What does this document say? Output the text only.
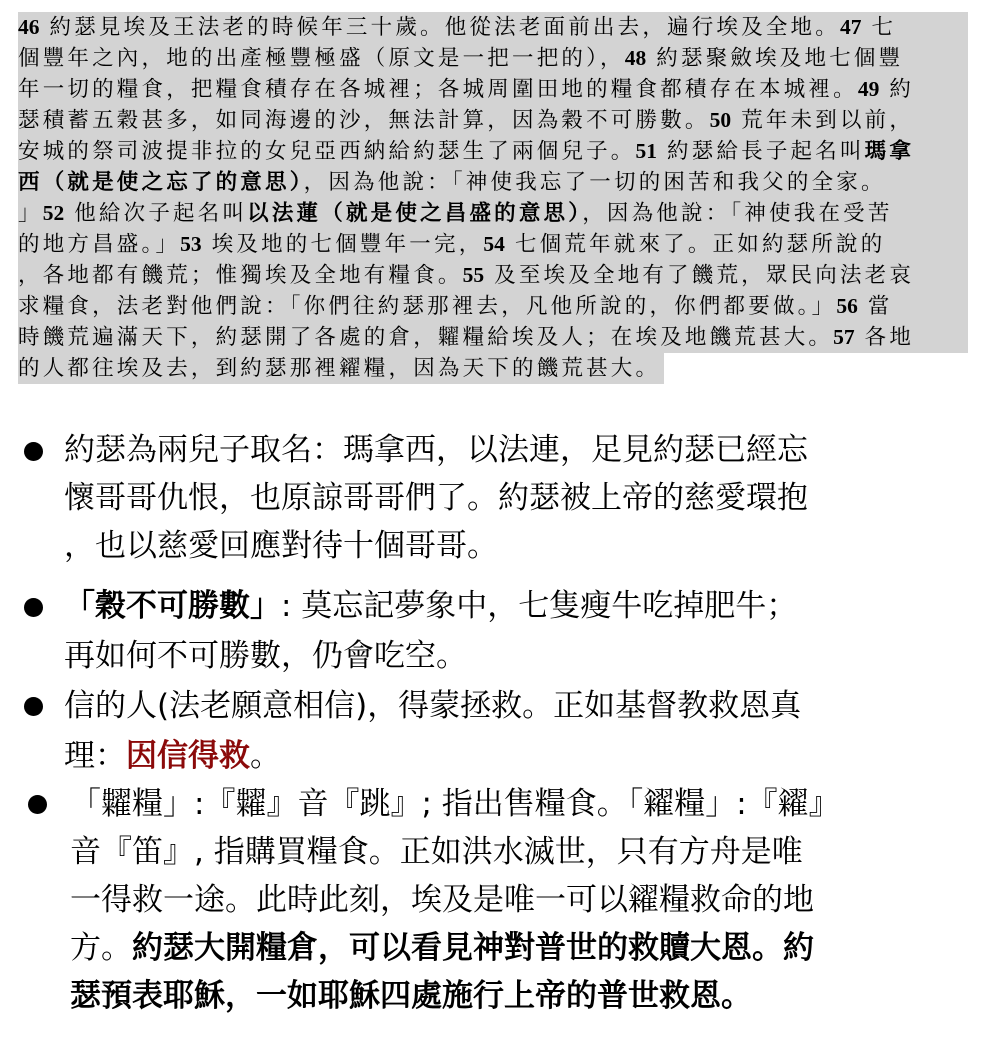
46 約瑟見埃及王法老的時候年三十歲。他從法老面前出去，遍行埃及全地。47 七
個豐年之內，地的出產極豐極盛（原文是一把一把的），48 約瑟聚斂埃及地七個豐
年一切的糧食，把糧食積存在各城裡；各城周圍田地的糧食都積存在本城裡。49 約
瑟積蓄五穀甚多，如同海邊的沙，無法計算，因為穀不可勝數。50 荒年未到以前，
安城的祭司波提非拉的女兒亞西納給約瑟生了兩個兒子。51 約瑟給長子起名叫瑪拿
西（就是使之忘了的意思），因為他說：「神使我忘了一切的困苦和我父的全家。
」52 他給次子起名叫以法蓮（就是使之昌盛的意思），因為他說：「神使我在受苦
的地方昌盛。」53 埃及地的七個豐年一完，54 七個荒年就來了。正如約瑟所說的
，各地都有饑荒；惟獨埃及全地有糧食。55 及至埃及全地有了饑荒，眾民向法老哀
求糧食，法老對他們說：「你們往約瑟那裡去，凡他所說的，你們都要做。」56 當
時饑荒遍滿天下，約瑟開了各處的倉，糶糧給埃及人；在埃及地饑荒甚大。57 各地
的人都往埃及去，到約瑟那裡糴糧，因為天下的饑荒甚大。
約瑟為兩兒子取名：瑪拿西，以法連，足見約瑟已經忘
懷哥哥仇恨，也原諒哥哥們了。約瑟被上帝的慈愛環抱
，也以慈愛回應對待十個哥哥。
「穀不可勝數」: 莫忘記夢象中，七隻瘦牛吃掉肥牛；
再如何不可勝數，仍會吃空。
信的人(法老願意相信)，得蒙拯救。正如基督教救恩真
理：因信得救。
「糶糧」:『糶』音『跳』; 指出售糧食。「糴糧」:『糴』
音『笛』, 指購買糧食。正如洪水滅世，只有方舟是唯
一得救一途。此時此刻，埃及是唯一可以糴糧救命的地
方。約瑟大開糧倉，可以看見神對普世的救贖大恩。約
瑟預表耶穌，一如耶穌四處施行上帝的普世救恩。
